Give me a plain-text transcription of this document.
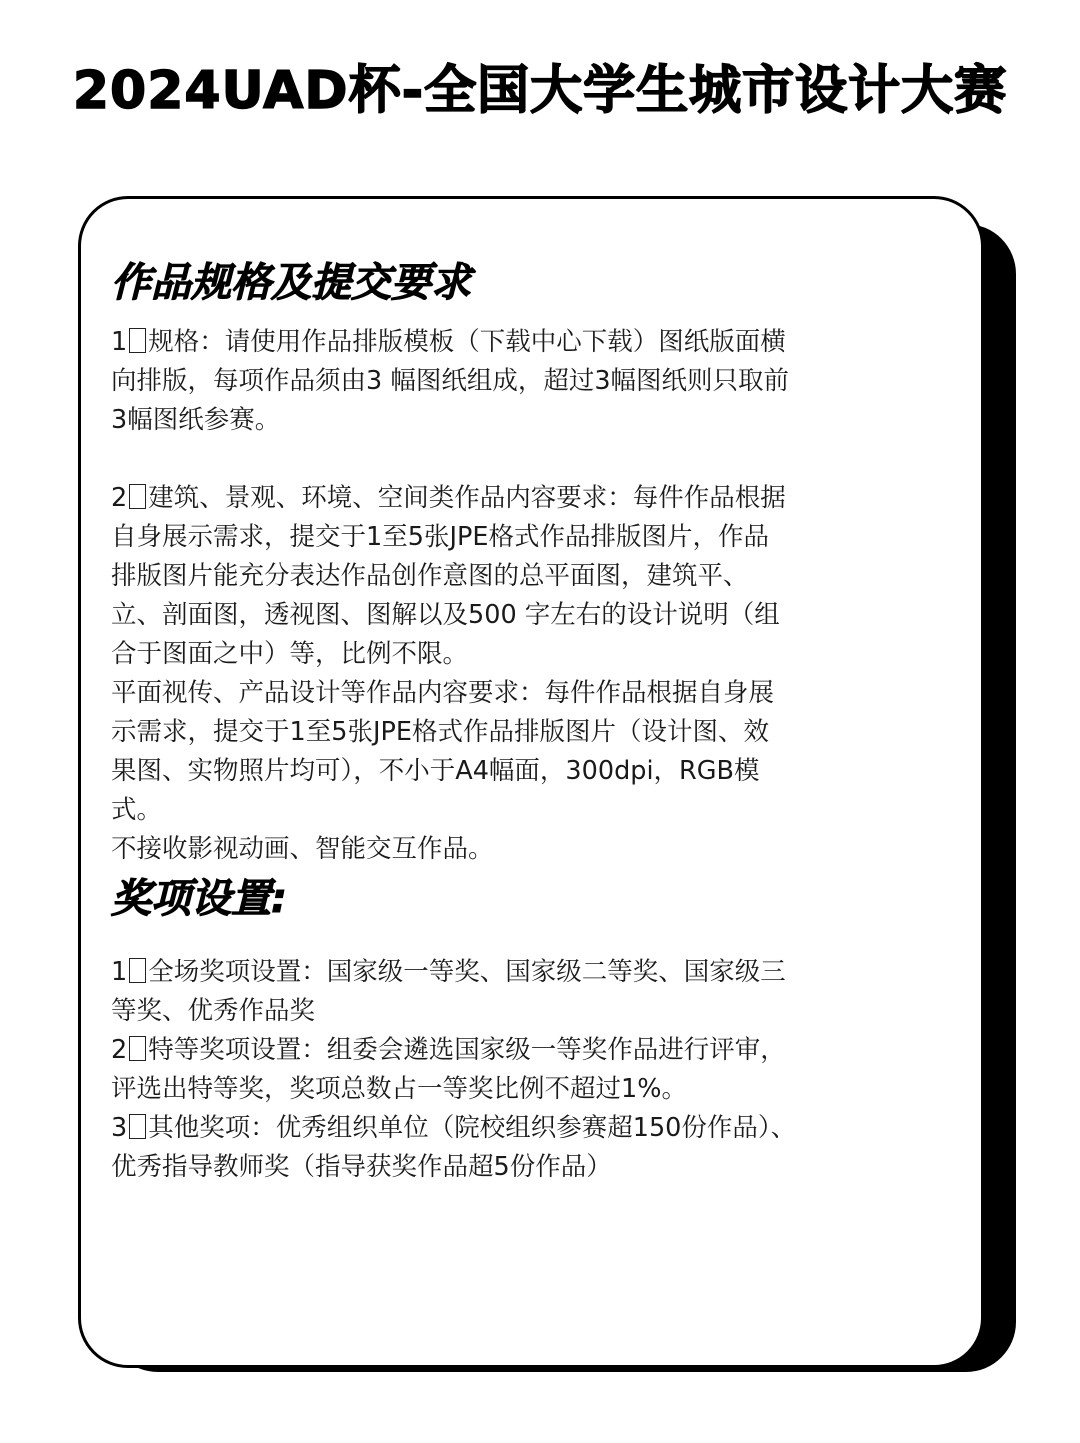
2024UAD杯-全国大学生城市设计大赛
作品规格及提交要求

1 规格：请使用作品排版模板（下载中心下载）图纸版面横

向排版，每项作品须由3 幅图纸组成，超过3幅图纸则只取前

3幅图纸参赛。

2 建筑、景观、环境、空间类作品内容要求：每件作品根据

自身展示需求，提交于1至5张JPE格式作品排版图片，作品

排版图片能充分表达作品创作意图的总平面图，建筑平、

立、剖面图，透视图、图解以及500 字左右的设计说明（组

合于图面之中）等，比例不限。

平面视传、产品设计等作品内容要求：每件作品根据自身展

示需求，提交于1至5张JPE格式作品排版图片（设计图、效

果图、实物照片均可），不小于A4幅面，300dpi，RGB模

式。

不接收影视动画、智能交互作品。

奖项设置:

1 全场奖项设置：国家级一等奖、国家级二等奖、国家级三

等奖、优秀作品奖

2 特等奖项设置：组委会遴选国家级一等奖作品进行评审，

评选出特等奖，奖项总数占一等奖比例不超过1%。

3 其他奖项：优秀组织单位（院校组织参赛超150份作品）、

优秀指导教师奖（指导获奖作品超5份作品）
